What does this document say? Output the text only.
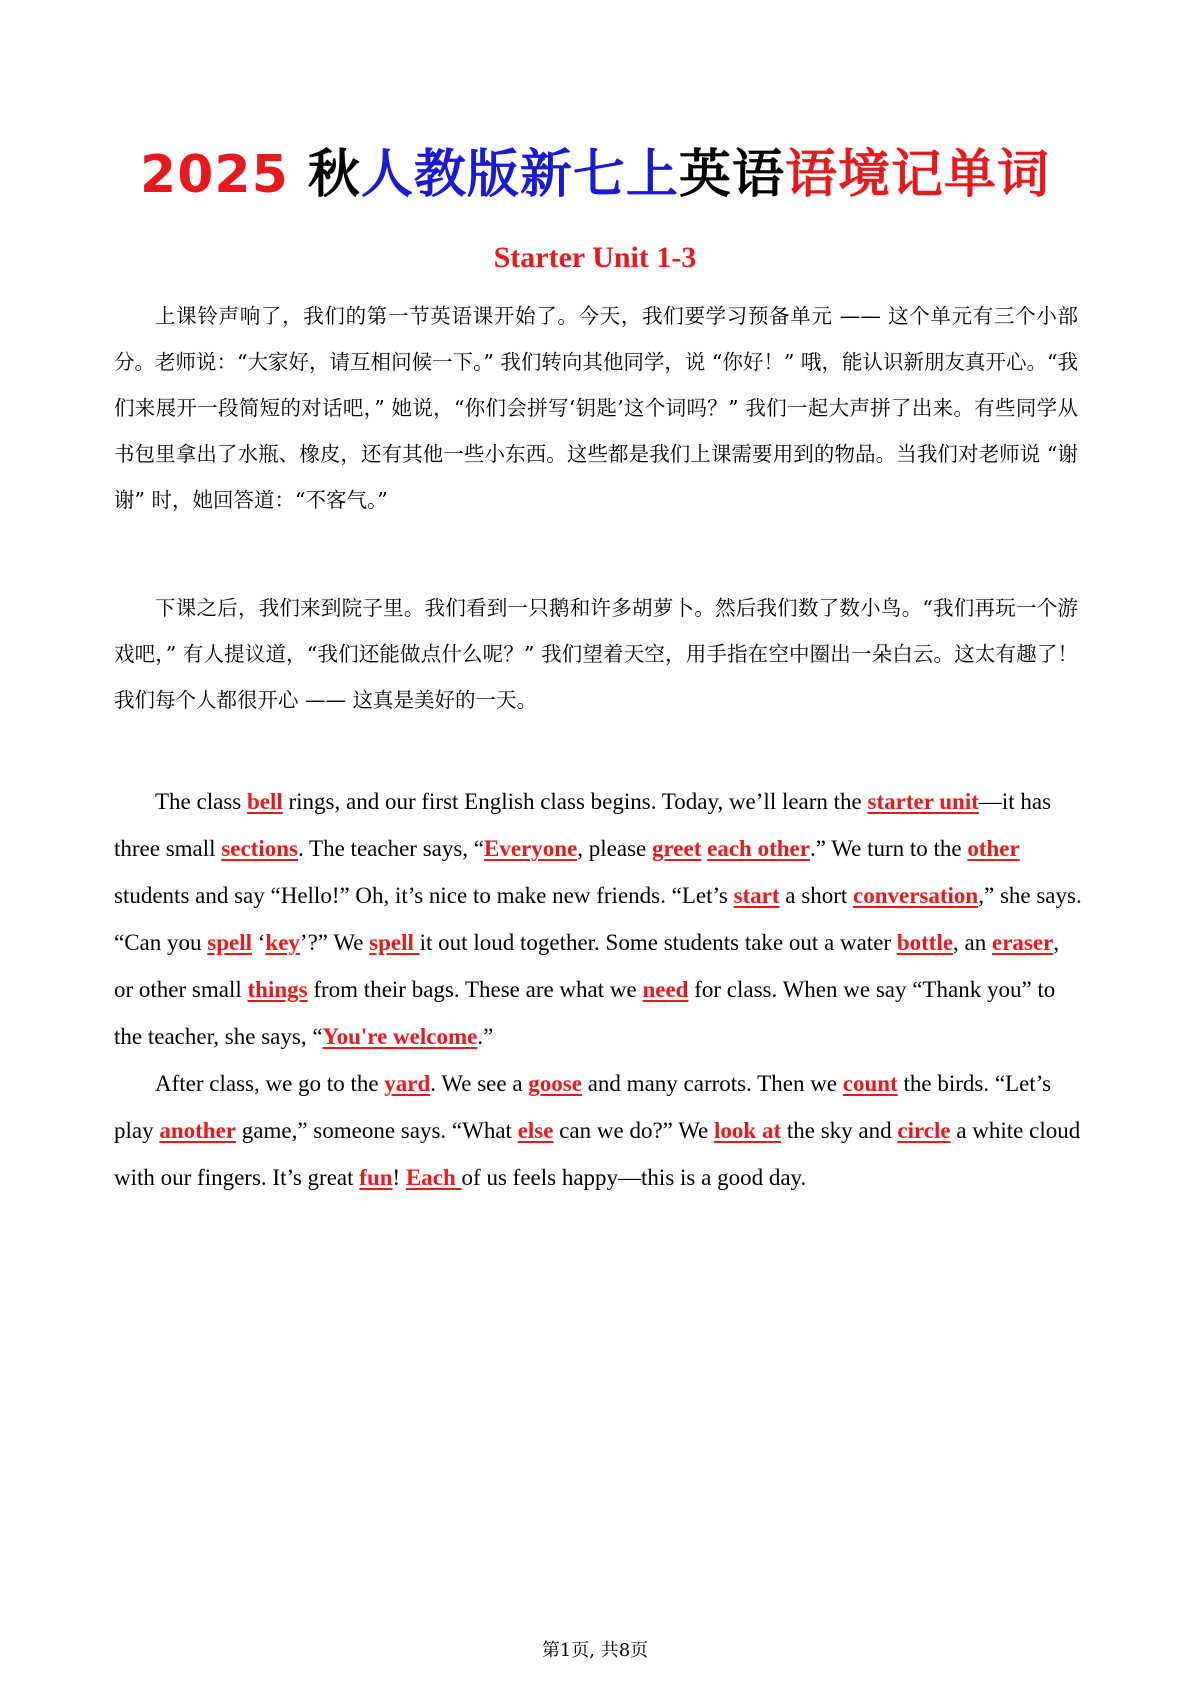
2025 秋人教版新七上英语语境记单词
Starter Unit 1-3

上课铃声响了，我们的第一节英语课开始了。今天，我们要学习预备单元 —— 这个单元有三个小部分。老师说：“大家好，请互相问候一下。” 我们转向其他同学，说 “你好！” 哦，能认识新朋友真开心。“我们来展开一段简短的对话吧，” 她说，“你们会拼写‘钥匙’这个词吗？” 我们一起大声拼了出来。有些同学从书包里拿出了水瓶、橡皮，还有其他一些小东西。这些都是我们上课需要用到的物品。当我们对老师说 “谢谢” 时，她回答道：“不客气。”

下课之后，我们来到院子里。我们看到一只鹅和许多胡萝卜。然后我们数了数小鸟。“我们再玩一个游戏吧，” 有人提议道，“我们还能做点什么呢？” 我们望着天空，用手指在空中圈出一朵白云。这太有趣了！我们每个人都很开心 —— 这真是美好的一天。

The class bell rings, and our first English class begins. Today, we’ll learn the starter unit—it has three small sections. The teacher says, “Everyone, please greet each other.” We turn to the other students and say “Hello!” Oh, it’s nice to make new friends. “Let’s start a short conversation,” she says. “Can you spell ‘key’?” We spell it out loud together. Some students take out a water bottle, an eraser, or other small things from their bags. These are what we need for class. When we say “Thank you” to the teacher, she says, “You're welcome.”

After class, we go to the yard. We see a goose and many carrots. Then we count the birds. “Let’s play another game,” someone says. “What else can we do?” We look at the sky and circle a white cloud with our fingers. It’s great fun! Each of us feels happy—this is a good day.

第1页, 共8页
